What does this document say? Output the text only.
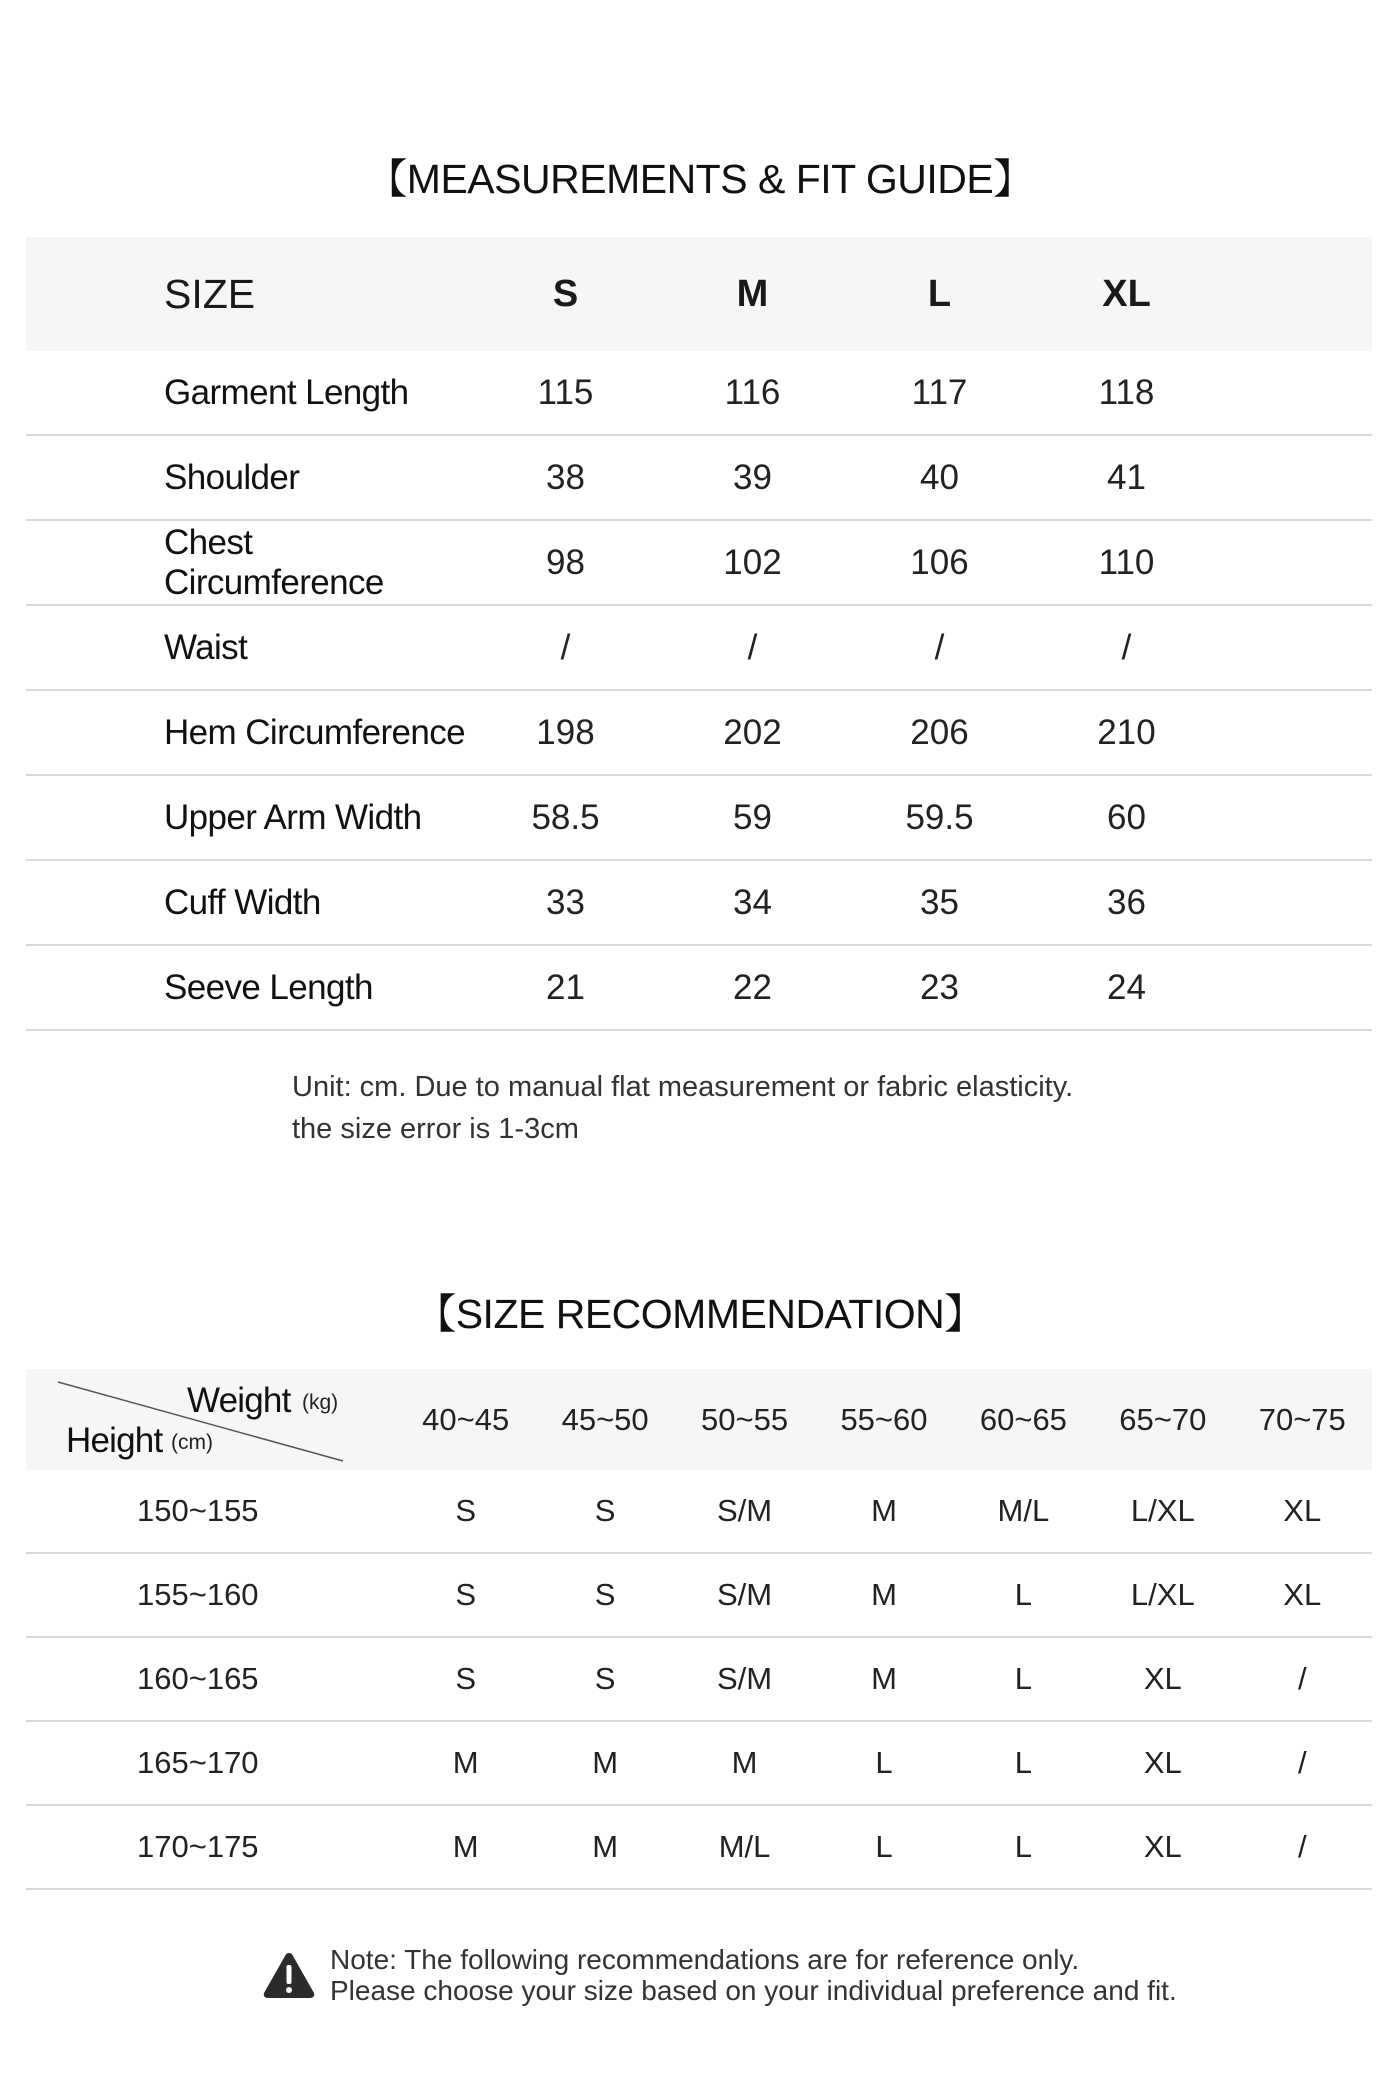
【MEASUREMENTS & FIT GUIDE】
SIZE	S	M	L	XL	
Garment Length	115	116	117	118	
Shoulder	38	39	40	41	
Chest Circumference	98	102	106	110	
Waist	/	/	/	/	
Hem Circumference	198	202	206	210	
Upper Arm Width	58.5	59	59.5	60	
Cuff Width	33	34	35	36	
Seeve Length	21	22	23	24	
Unit: cm. Due to manual flat measurement or fabric elasticity.
the size error is 1-3cm
【SIZE RECOMMENDATION】
Weight (kg)
Height (cm)	40~45	45~50	50~55	55~60	60~65	65~70	70~75
150~155	S	S	S/M	M	M/L	L/XL	XL
155~160	S	S	S/M	M	L	L/XL	XL
160~165	S	S	S/M	M	L	XL	/
165~170	M	M	M	L	L	XL	/
170~175	M	M	M/L	L	L	XL	/
Note: The following recommendations are for reference only.
Please choose your size based on your individual preference and fit.
